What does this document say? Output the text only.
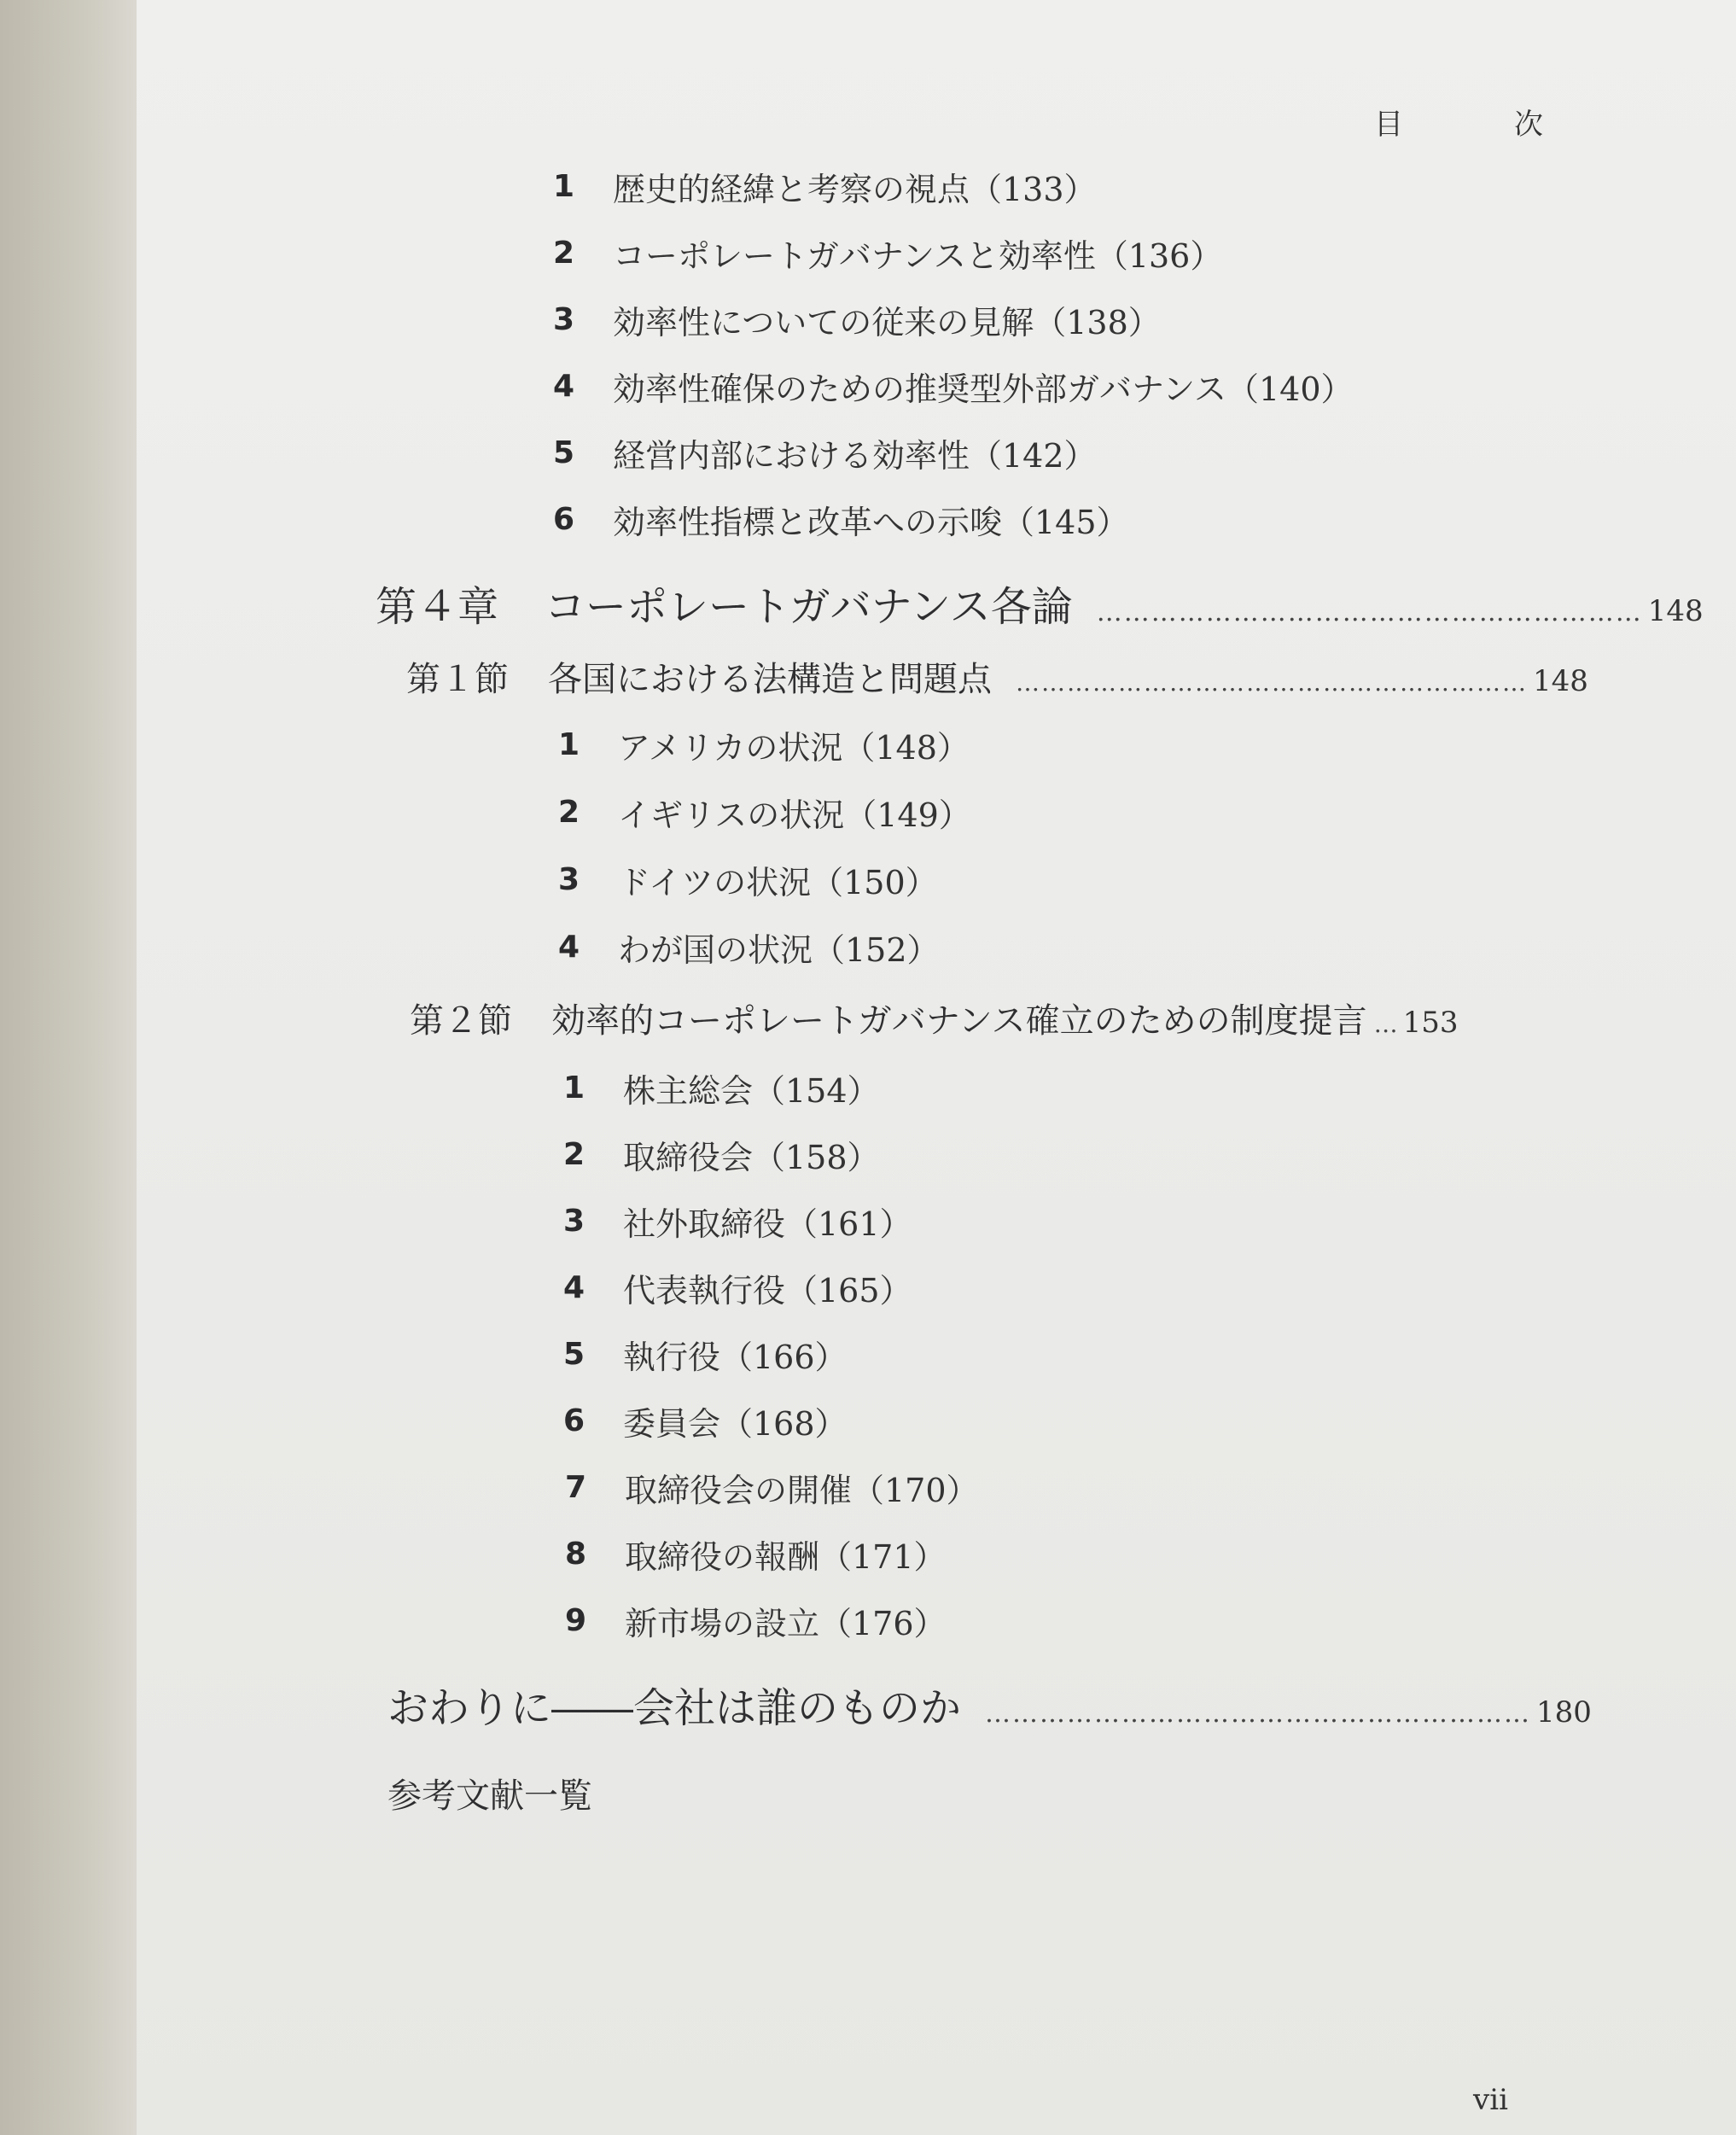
目　次
1	歴史的経緯と考察の視点（133）
2	コーポレートガバナンスと効率性（136）
3	効率性についての従来の見解（138）
4	効率性確保のための推奨型外部ガバナンス（140）
5	経営内部における効率性（142）
6	効率性指標と改革への示唆（145）
第４章 コーポレートガバナンス各論 …………………………………………………… 148
第１節 各国における法構造と問題点 …………………………………………………… 148
1	アメリカの状況（148）
2	イギリスの状況（149）
3	ドイツの状況（150）
4	わが国の状況（152）
第２節 効率的コーポレートガバナンス確立のための制度提言 … 153
1	株主総会（154）
2	取締役会（158）
3	社外取締役（161）
4	代表執行役（165）
5	執行役（166）
6	委員会（168）
7	取締役会の開催（170）
8	取締役の報酬（171）
9	新市場の設立（176）
おわりに――会社は誰のものか …………………………………………………… 180
参考文献一覧
vii
